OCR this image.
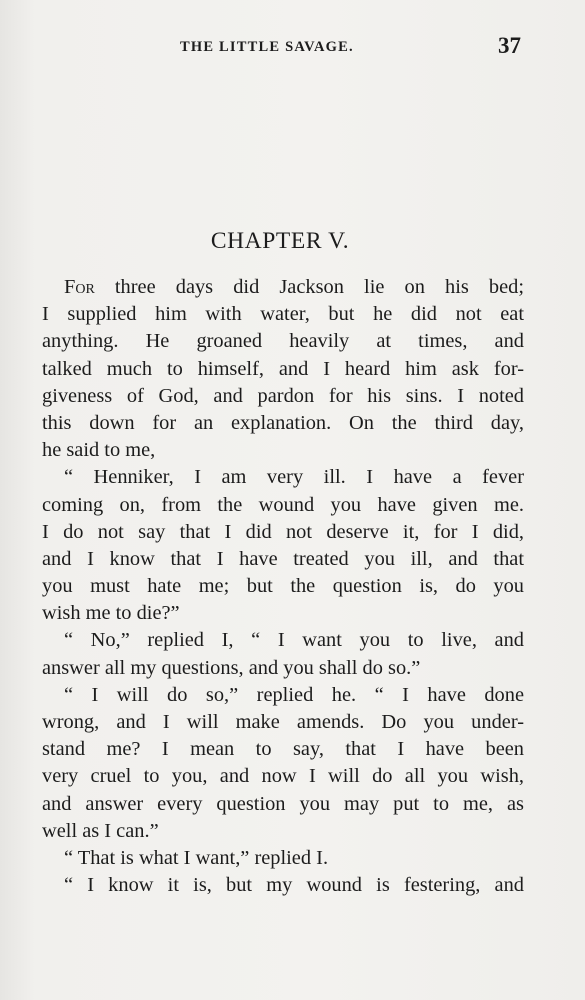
THE LITTLE SAVAGE.	37
CHAPTER V.
For three days did Jackson lie on his bed;
I supplied him with water, but he did not eat
anything. He groaned heavily at times, and
talked much to himself, and I heard him ask for-
giveness of God, and pardon for his sins. I noted
this down for an explanation. On the third day,
he said to me,
“ Henniker, I am very ill. I have a fever
coming on, from the wound you have given me.
I do not say that I did not deserve it, for I did,
and I know that I have treated you ill, and that
you must hate me; but the question is, do you
wish me to die?”
“ No,” replied I, “ I want you to live, and
answer all my questions, and you shall do so.”
“ I will do so,” replied he. “ I have done
wrong, and I will make amends. Do you under-
stand me? I mean to say, that I have been
very cruel to you, and now I will do all you wish,
and answer every question you may put to me, as
well as I can.”
“ That is what I want,” replied I.
“ I know it is, but my wound is festering, and
